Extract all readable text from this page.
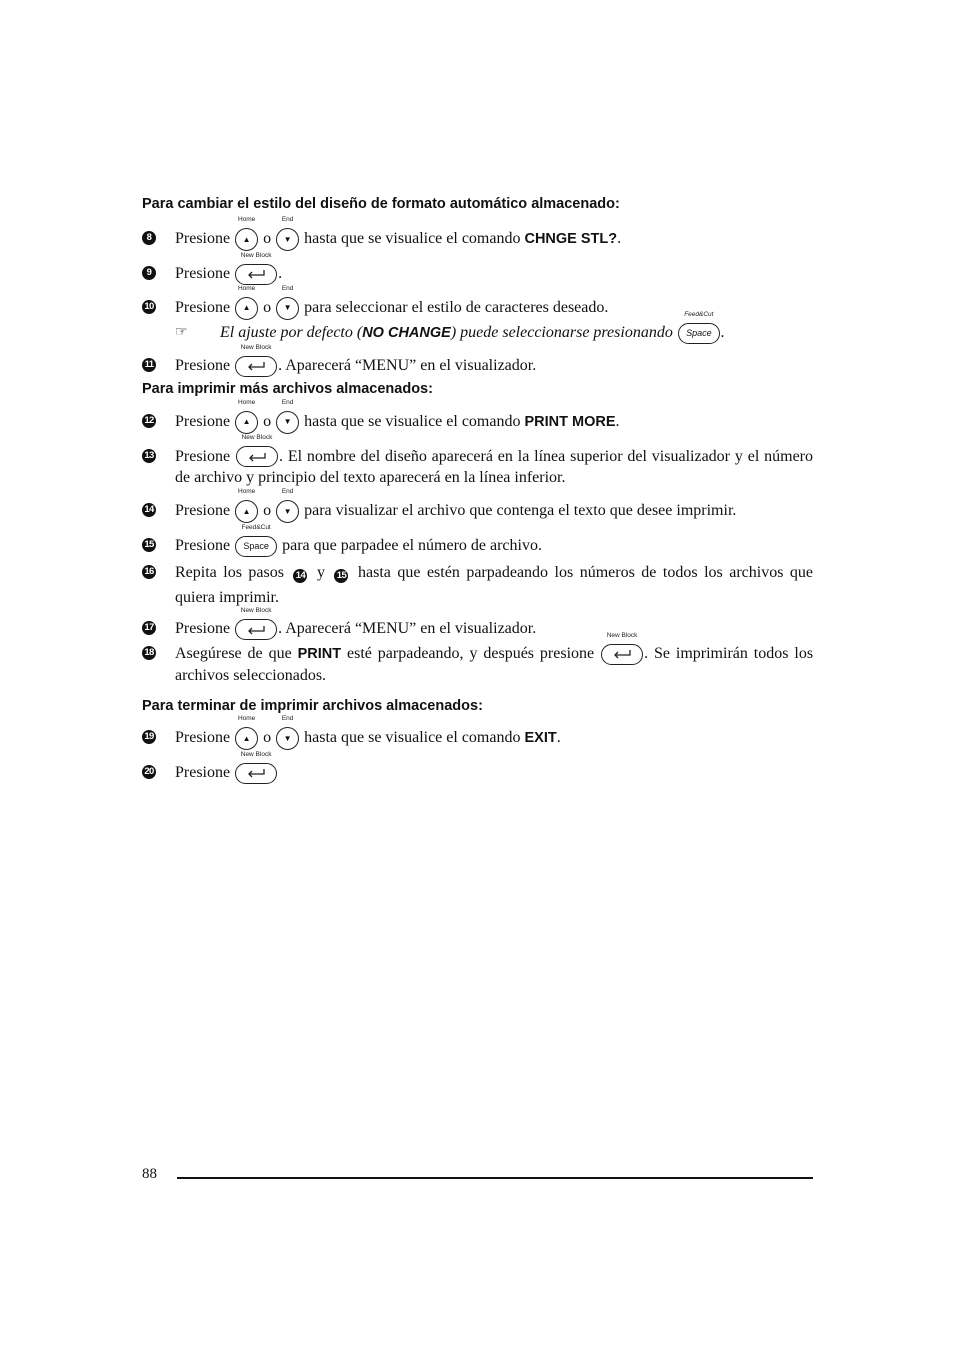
Para cambiar el estilo del diseño de formato automático almacenado:

8 Presione
Home
▲ o
End
▼ hasta que se visualice el comando CHNGE STL?.
9 Presione
New Block
.
10 Presione
Home
▲ o
End
▼ para seleccionar el estilo de caracteres deseado.
☞ El ajuste por defecto (NO CHANGE) puede seleccionarse presionando
Feed&Cut
Space .
11 Presione
New Block
. Aparecerá “MENU” en el visualizador.

Para imprimir más archivos almacenados:

12 Presione
Home
▲ o
End
▼ hasta que se visualice el comando PRINT MORE.
13 Presione
New Block
. El nombre del diseño aparecerá en la línea superior del visualizador y el número de archivo y principio del texto aparecerá en la línea inferior.
14 Presione
Home
▲ o
End
▼ para visualizar el archivo que contenga el texto que desee imprimir.
15 Presione
Feed&Cut
Space para que parpadee el número de archivo.
16 Repita los pasos 14 y 15 hasta que estén parpadeando los números de todos los archivos que quiera imprimir.
17 Presione
New Block
. Aparecerá “MENU” en el visualizador.
18 Asegúrese de que PRINT esté parpadeando, y después presione
New Block
. Se imprimirán todos los archivos seleccionados.

Para terminar de imprimir archivos almacenados:

19 Presione
Home
▲ o
End
▼ hasta que se visualice el comando EXIT.
20 Presione
New Block
88
